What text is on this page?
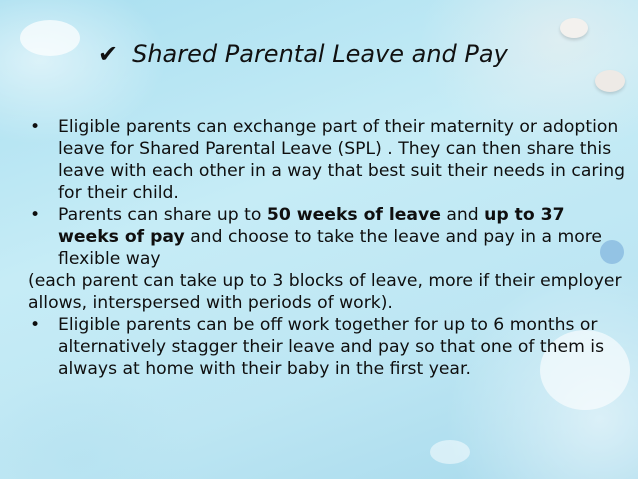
✔ Shared Parental Leave and Pay

• Eligible parents can exchange part of their maternity or adoption leave for Shared Parental Leave (SPL) . They can then share this leave with each other in a way that best suit their needs in caring for their child.

• Parents can share up to 50 weeks of leave and up to 37 weeks of pay and choose to take the leave and pay in a more flexible way

(each parent can take up to 3 blocks of leave, more if their employer allows, interspersed with periods of work).

• Eligible parents can be off work together for up to 6 months or alternatively stagger their leave and pay so that one of them is always at home with their baby in the first year.
